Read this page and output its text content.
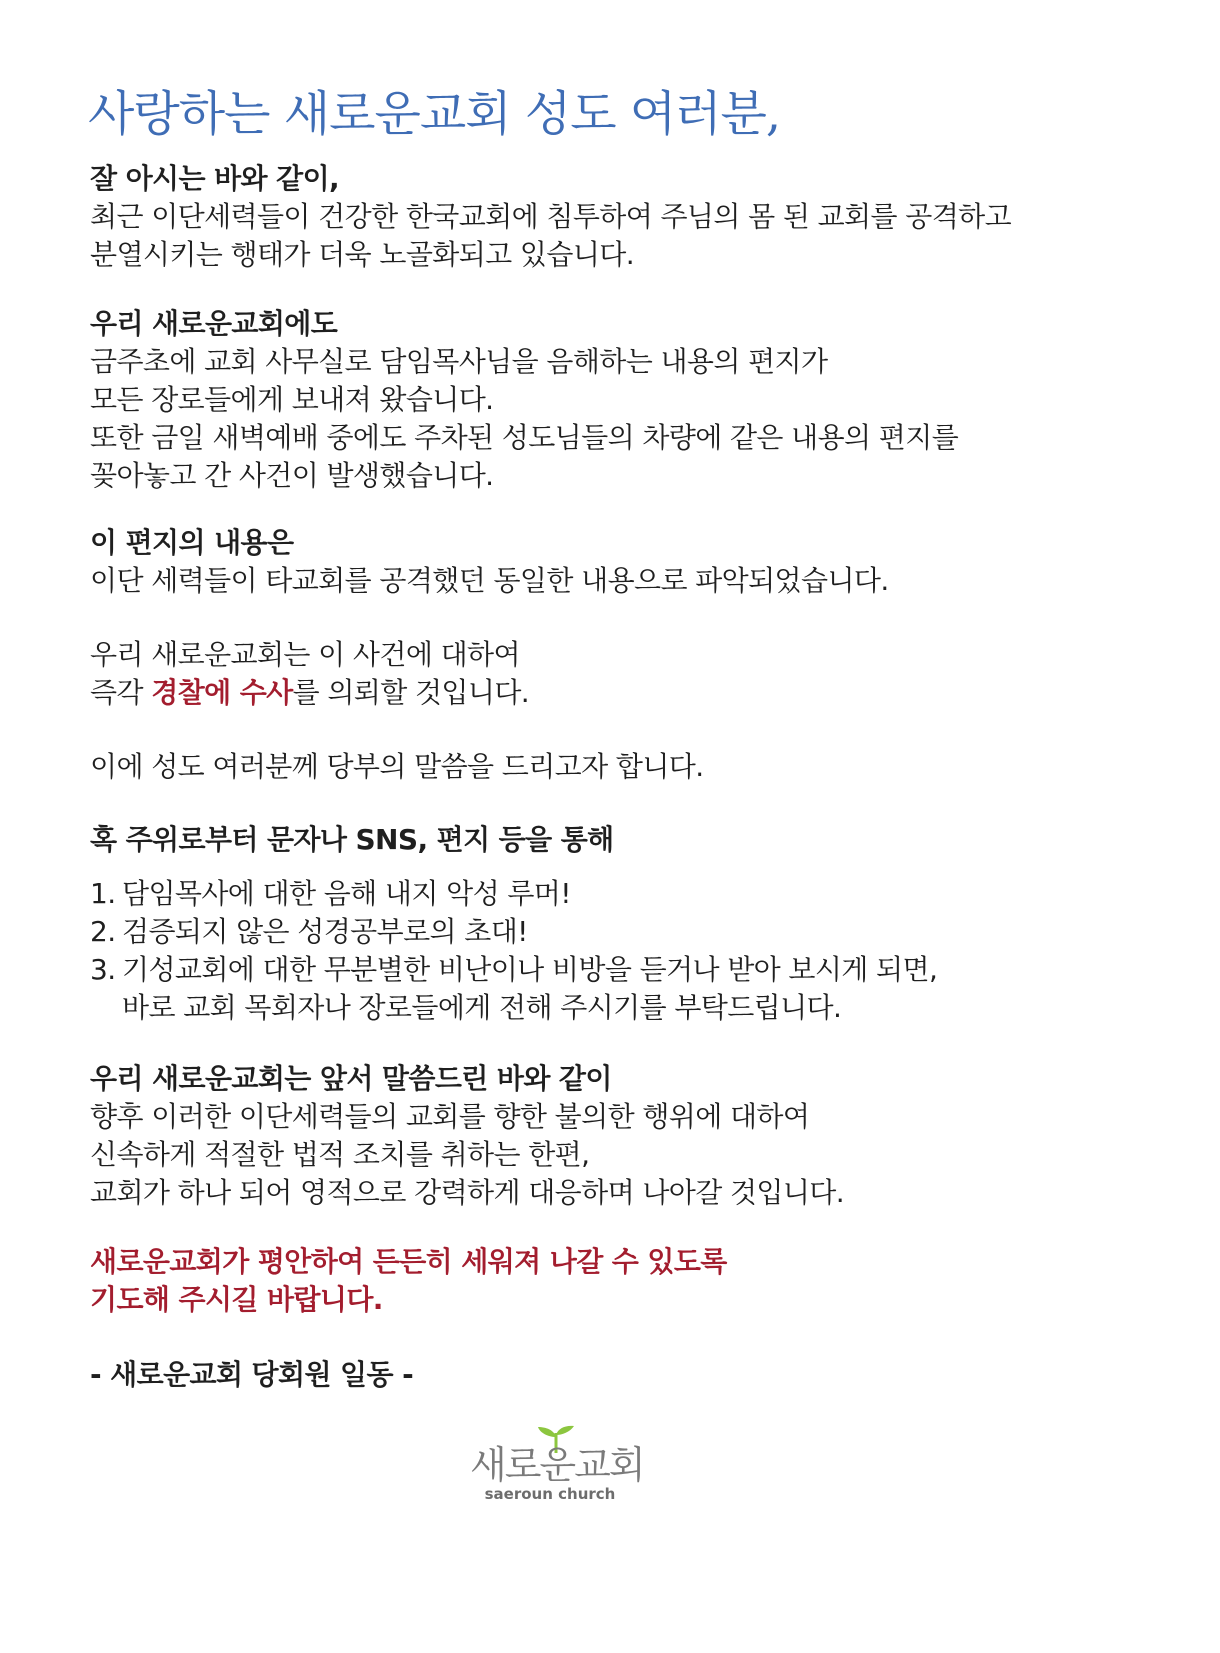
사랑하는 새로운교회 성도 여러분,
잘 아시는 바와 같이,
최근 이단세력들이 건강한 한국교회에 침투하여 주님의 몸 된 교회를 공격하고
분열시키는 행태가 더욱 노골화되고 있습니다.
우리 새로운교회에도
금주초에 교회 사무실로 담임목사님을 음해하는 내용의 편지가
모든 장로들에게 보내져 왔습니다.
또한 금일 새벽예배 중에도 주차된 성도님들의 차량에 같은 내용의 편지를
꽂아놓고 간 사건이 발생했습니다.
이 편지의 내용은
이단 세력들이 타교회를 공격했던 동일한 내용으로 파악되었습니다.
우리 새로운교회는 이 사건에 대하여
즉각 경찰에 수사를 의뢰할 것입니다.
이에 성도 여러분께 당부의 말씀을 드리고자 합니다.
혹 주위로부터 문자나 SNS, 편지 등을 통해
1. 담임목사에 대한 음해 내지 악성 루머!
2. 검증되지 않은 성경공부로의 초대!
3. 기성교회에 대한 무분별한 비난이나 비방을 듣거나 받아 보시게 되면,
바로 교회 목회자나 장로들에게 전해 주시기를 부탁드립니다.
우리 새로운교회는 앞서 말씀드린 바와 같이
향후 이러한 이단세력들의 교회를 향한 불의한 행위에 대하여
신속하게 적절한 법적 조치를 취하는 한편,
교회가 하나 되어 영적으로 강력하게 대응하며 나아갈 것입니다.
새로운교회가 평안하여 든든히 세워져 나갈 수 있도록
기도해 주시길 바랍니다.
- 새로운교회 당회원 일동 -
새로운교회
saeroun church
